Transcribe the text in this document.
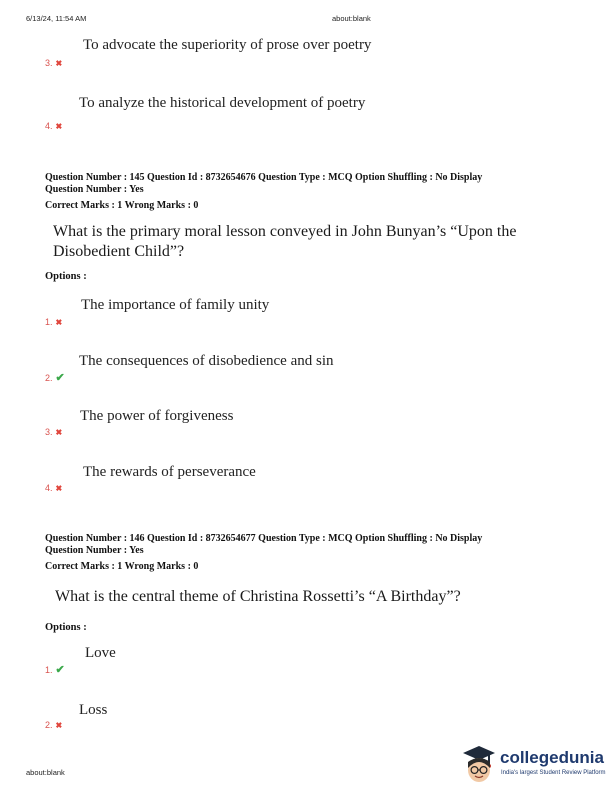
6/13/24, 11:54 AM	about:blank
To advocate the superiority of prose over poetry
3. ✖
To analyze the historical development of poetry
4. ✖
Question Number : 145 Question Id : 8732654676 Question Type : MCQ Option Shuffling : No Display
Question Number : Yes
Correct Marks : 1 Wrong Marks : 0
What is the primary moral lesson conveyed in John Bunyan’s “Upon the
Disobedient Child”?
Options :
The importance of family unity
1. ✖
The consequences of disobedience and sin
2. ✔
The power of forgiveness
3. ✖
The rewards of perseverance
4. ✖
Question Number : 146 Question Id : 8732654677 Question Type : MCQ Option Shuffling : No Display
Question Number : Yes
Correct Marks : 1 Wrong Marks : 0
What is the central theme of Christina Rossetti’s “A Birthday”?
Options :
Love
1. ✔
Loss
2. ✖
about:blank
collegedunia
India's largest Student Review Platform
